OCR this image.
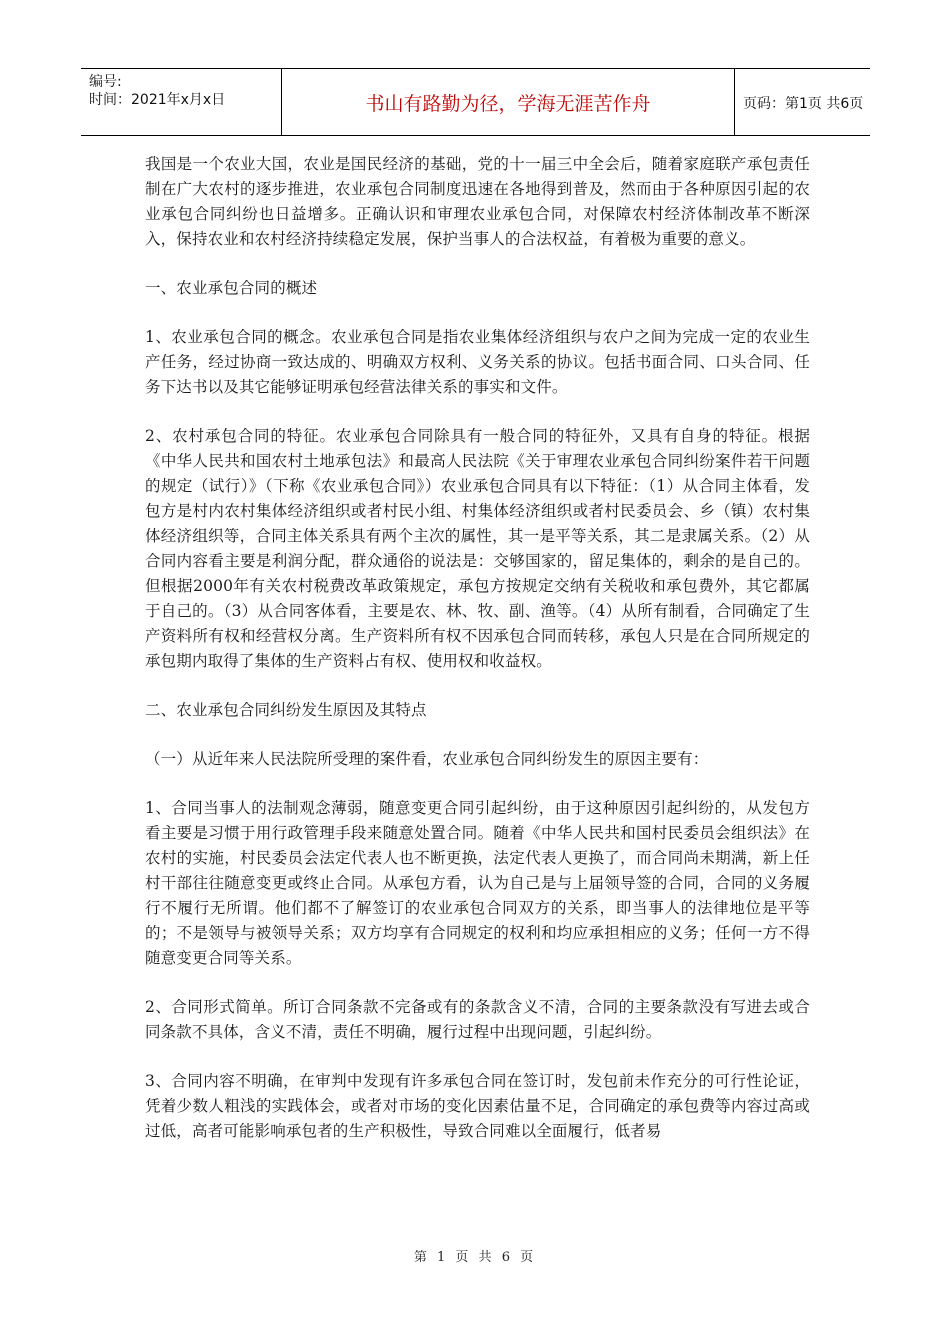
编号:
时间：2021年x月x日	书山有路勤为径，学海无涯苦作舟	页码：第1页 共6页

我国是一个农业大国，农业是国民经济的基础，党的十一届三中全会后，随着家庭联产承包责任制在广大农村的逐步推进，农业承包合同制度迅速在各地得到普及，然而由于各种原因引起的农业承包合同纠纷也日益增多。正确认识和审理农业承包合同，对保障农村经济体制改革不断深入，保持农业和农村经济持续稳定发展，保护当事人的合法权益，有着极为重要的意义。

一、农业承包合同的概述

1、农业承包合同的概念。农业承包合同是指农业集体经济组织与农户之间为完成一定的农业生产任务，经过协商一致达成的、明确双方权利、义务关系的协议。包括书面合同、口头合同、任务下达书以及其它能够证明承包经营法律关系的事实和文件。

2、农村承包合同的特征。农业承包合同除具有一般合同的特征外，又具有自身的特征。根据《中华人民共和国农村土地承包法》和最高人民法院《关于审理农业承包合同纠纷案件若干问题的规定（试行）》（下称《农业承包合同》）农业承包合同具有以下特征：（1）从合同主体看，发包方是村内农村集体经济组织或者村民小组、村集体经济组织或者村民委员会、乡（镇）农村集体经济组织等，合同主体关系具有两个主次的属性，其一是平等关系，其二是隶属关系。（2）从合同内容看主要是利润分配，群众通俗的说法是：交够国家的，留足集体的，剩余的是自己的。但根据2000年有关农村税费改革政策规定，承包方按规定交纳有关税收和承包费外，其它都属于自己的。（3）从合同客体看，主要是农、林、牧、副、渔等。（4）从所有制看，合同确定了生产资料所有权和经营权分离。生产资料所有权不因承包合同而转移，承包人只是在合同所规定的承包期内取得了集体的生产资料占有权、使用权和收益权。

二、农业承包合同纠纷发生原因及其特点

（一）从近年来人民法院所受理的案件看，农业承包合同纠纷发生的原因主要有：

1、合同当事人的法制观念薄弱，随意变更合同引起纠纷，由于这种原因引起纠纷的，从发包方看主要是习惯于用行政管理手段来随意处置合同。随着《中华人民共和国村民委员会组织法》在农村的实施，村民委员会法定代表人也不断更换，法定代表人更换了，而合同尚未期满，新上任村干部往往随意变更或终止合同。从承包方看，认为自己是与上届领导签的合同，合同的义务履行不履行无所谓。他们都不了解签订的农业承包合同双方的关系，即当事人的法律地位是平等的；不是领导与被领导关系；双方均享有合同规定的权利和均应承担相应的义务；任何一方不得随意变更合同等关系。

2、合同形式简单。所订合同条款不完备或有的条款含义不清，合同的主要条款没有写进去或合同条款不具体，含义不清，责任不明确，履行过程中出现问题，引起纠纷。

3、合同内容不明确，在审判中发现有许多承包合同在签订时，发包前未作充分的可行性论证，凭着少数人粗浅的实践体会，或者对市场的变化因素估量不足，合同确定的承包费等内容过高或过低，高者可能影响承包者的生产积极性，导致合同难以全面履行，低者易

第 1 页 共 6 页
